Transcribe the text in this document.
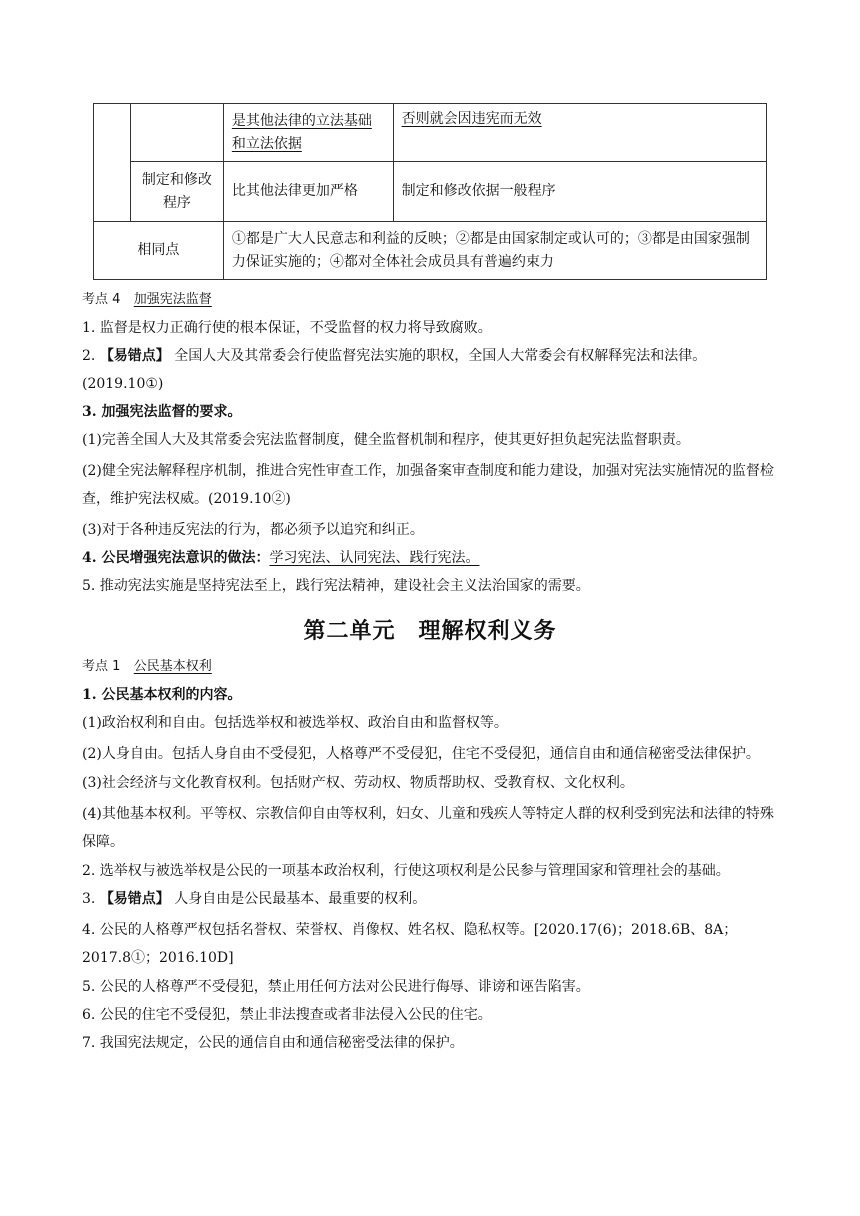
		是其他法律的立法基础和立法依据	否则就会因违宪而无效
	制定和修改程序	比其他法律更加严格	制定和修改依据一般程序
相同点		①都是广大人民意志和利益的反映；②都是由国家制定或认可的；③都是由国家强制力保证实施的；④都对全体社会成员具有普遍约束力	

考点 4 加强宪法监督

1. 监督是权力正确行使的根本保证，不受监督的权力将导致腐败。

2. 【易错点】 全国人大及其常委会行使监督宪法实施的职权，全国人大常委会有权解释宪法和法律。

(2019.10①)

3. 加强宪法监督的要求。

(1)完善全国人大及其常委会宪法监督制度，健全监督机制和程序，使其更好担负起宪法监督职责。

(2)健全宪法解释程序机制，推进合宪性审查工作，加强备案审查制度和能力建设，加强对宪法实施情况的监督检查，维护宪法权威。(2019.10②)

(3)对于各种违反宪法的行为，都必须予以追究和纠正。

4. 公民增强宪法意识的做法：学习宪法、认同宪法、践行宪法。

5. 推动宪法实施是坚持宪法至上，践行宪法精神，建设社会主义法治国家的需要。

第二单元　理解权利义务

考点 1 公民基本权利

1. 公民基本权利的内容。

(1)政治权利和自由。包括选举权和被选举权、政治自由和监督权等。

(2)人身自由。包括人身自由不受侵犯，人格尊严不受侵犯，住宅不受侵犯，通信自由和通信秘密受法律保护。

(3)社会经济与文化教育权利。包括财产权、劳动权、物质帮助权、受教育权、文化权利。

(4)其他基本权利。平等权、宗教信仰自由等权利，妇女、儿童和残疾人等特定人群的权利受到宪法和法律的特殊保障。

2. 选举权与被选举权是公民的一项基本政治权利，行使这项权利是公民参与管理国家和管理社会的基础。

3. 【易错点】 人身自由是公民最基本、最重要的权利。

4. 公民的人格尊严权包括名誉权、荣誉权、肖像权、姓名权、隐私权等。[2020.17(6)；2018.6B、8A；2017.8①；2016.10D]

5. 公民的人格尊严不受侵犯，禁止用任何方法对公民进行侮辱、诽谤和诬告陷害。

6. 公民的住宅不受侵犯，禁止非法搜查或者非法侵入公民的住宅。

7. 我国宪法规定，公民的通信自由和通信秘密受法律的保护。
